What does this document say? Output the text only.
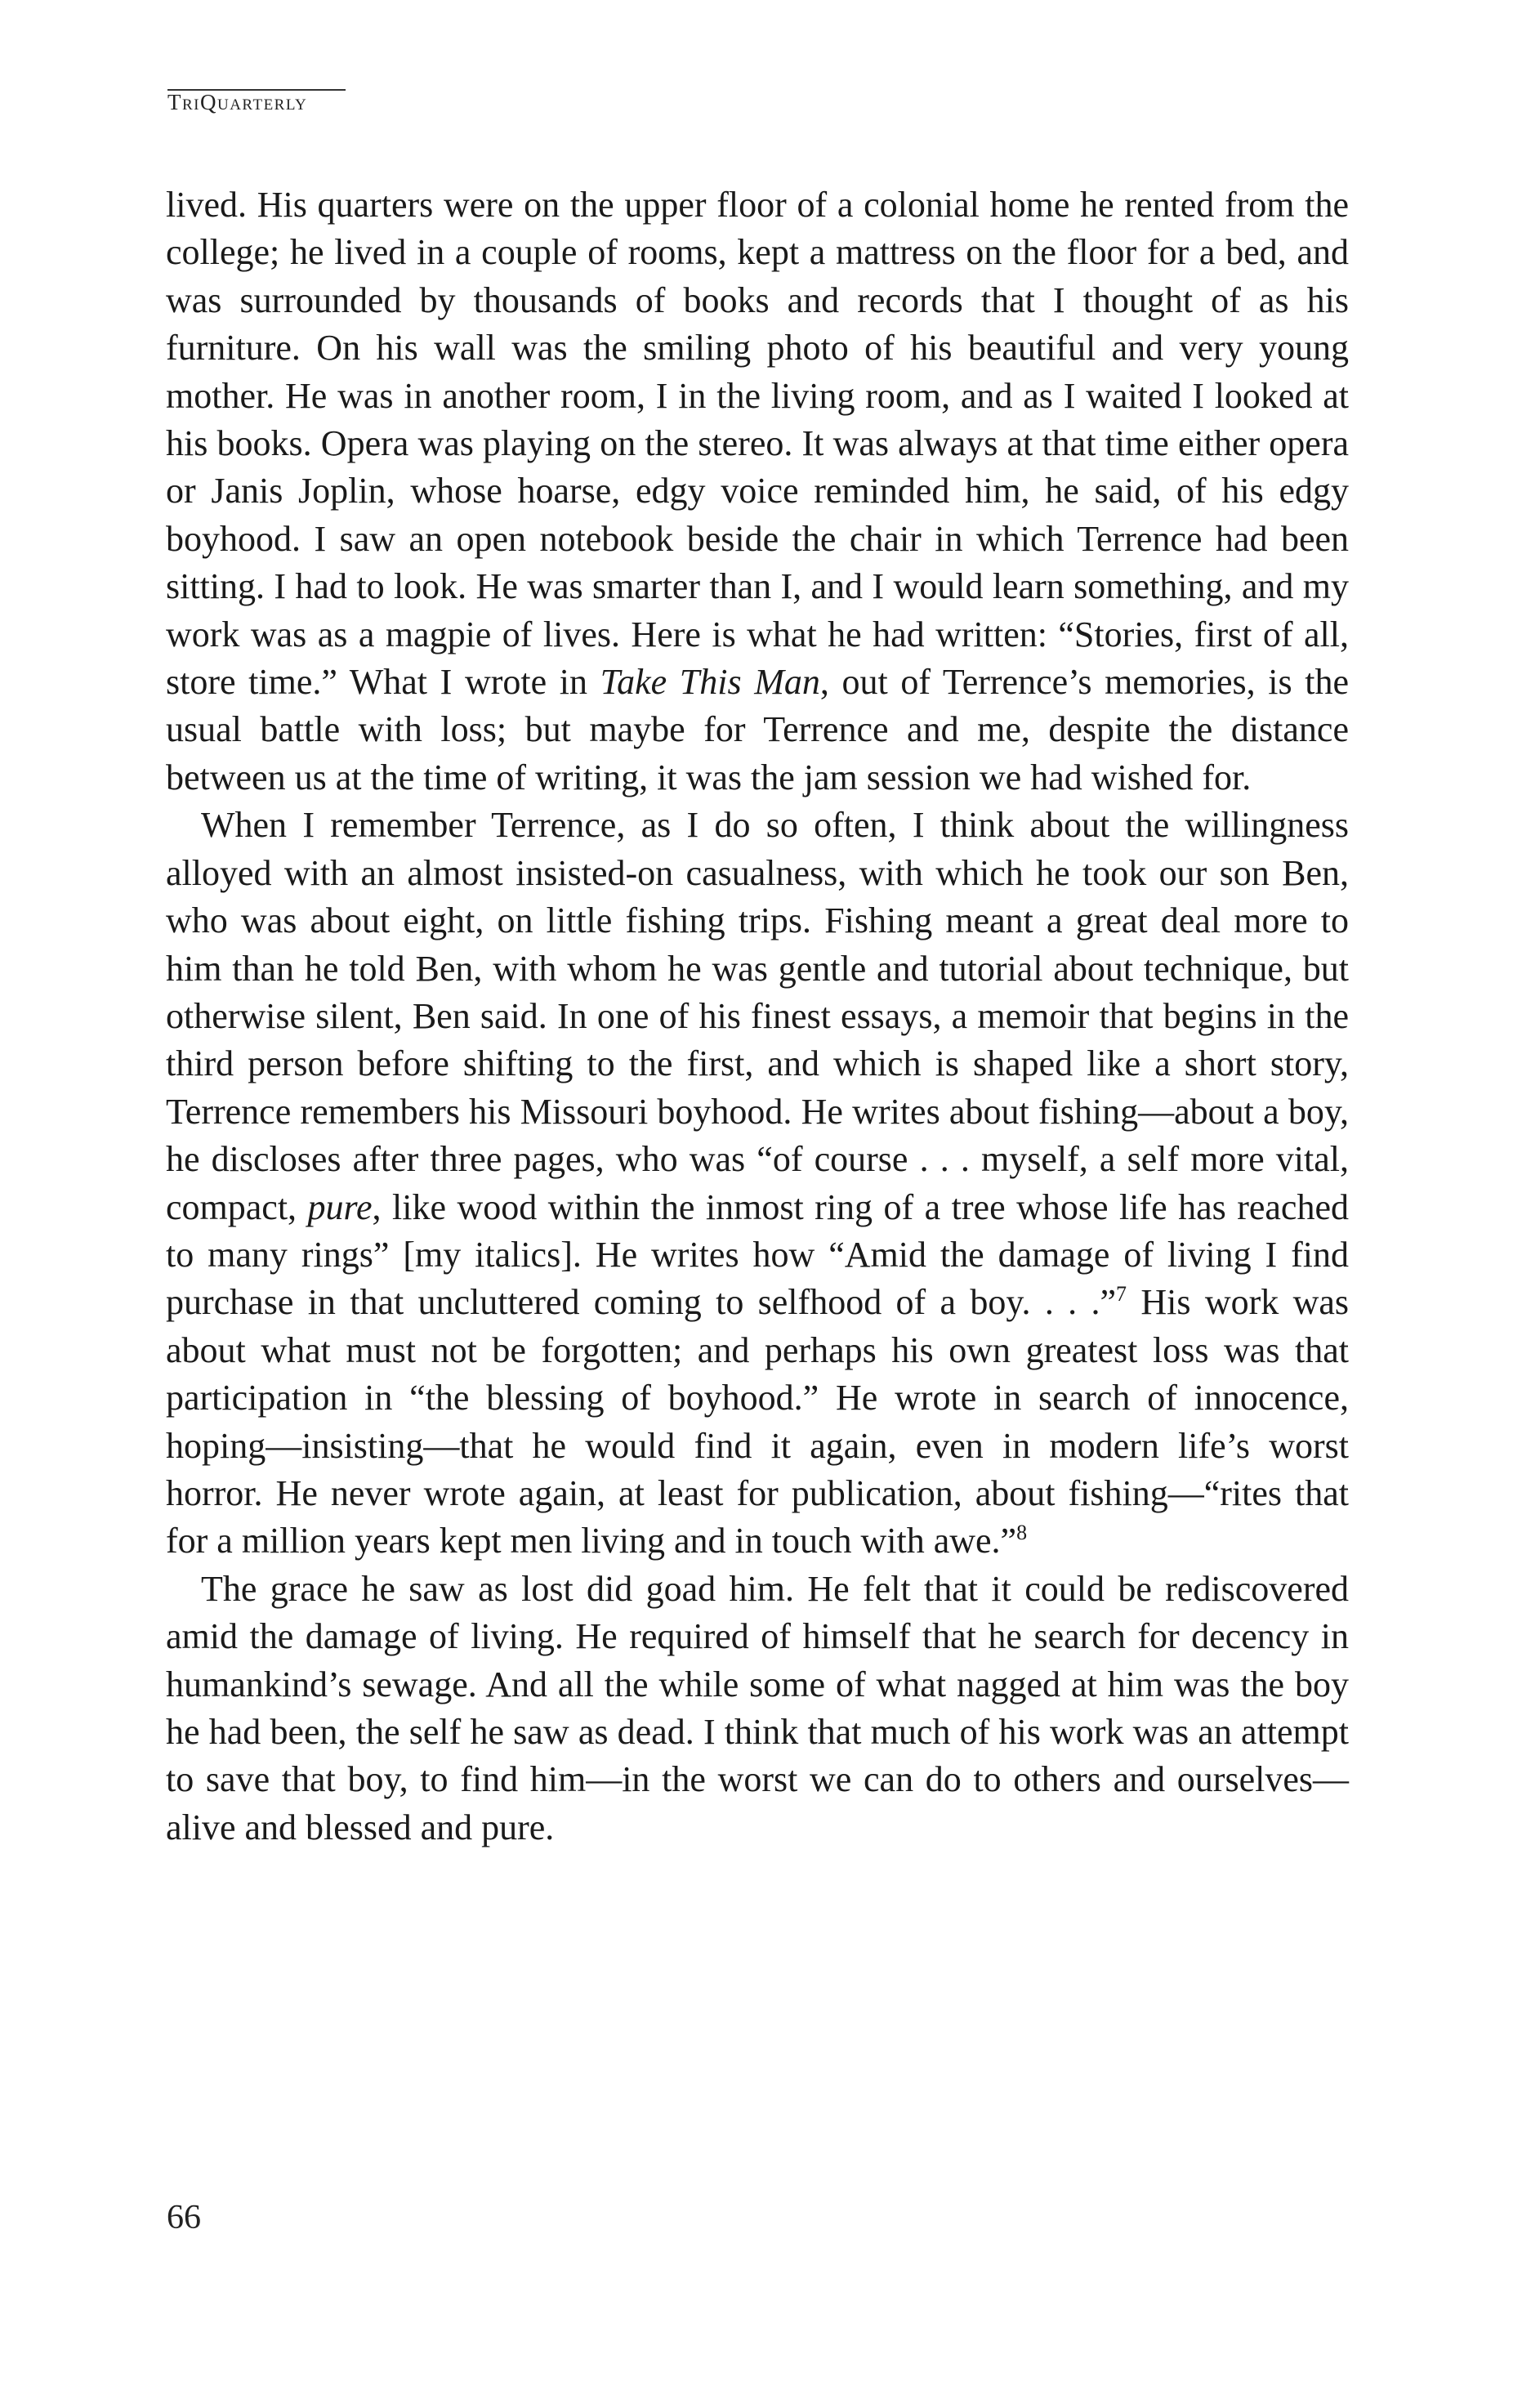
TriQuarterly

lived. His quarters were on the upper floor of a colonial home he rented from the college; he lived in a couple of rooms, kept a mattress on the floor for a bed, and was surrounded by thousands of books and records that I thought of as his furniture. On his wall was the smiling photo of his beautiful and very young mother. He was in another room, I in the living room, and as I waited I looked at his books. Opera was playing on the stereo. It was always at that time either opera or Janis Joplin, whose hoarse, edgy voice reminded him, he said, of his edgy boyhood. I saw an open notebook beside the chair in which Terrence had been sitting. I had to look. He was smarter than I, and I would learn something, and my work was as a magpie of lives. Here is what he had written: “Stories, first of all, store time.” What I wrote in Take This Man, out of Terrence’s memories, is the usual battle with loss; but maybe for Terrence and me, despite the distance between us at the time of writing, it was the jam session we had wished for.

When I remember Terrence, as I do so often, I think about the willingness alloyed with an almost insisted-on casualness, with which he took our son Ben, who was about eight, on little fishing trips. Fishing meant a great deal more to him than he told Ben, with whom he was gentle and tutorial about technique, but otherwise silent, Ben said. In one of his finest essays, a memoir that begins in the third person before shifting to the first, and which is shaped like a short story, Terrence remembers his Missouri boyhood. He writes about fishing—about a boy, he discloses after three pages, who was “of course . . . myself, a self more vital, compact, pure, like wood within the inmost ring of a tree whose life has reached to many rings” [my italics]. He writes how “Amid the damage of living I find purchase in that uncluttered coming to selfhood of a boy. . . .”$^7$ His work was about what must not be forgotten; and perhaps his own greatest loss was that participation in “the blessing of boyhood.” He wrote in search of innocence, hoping—insisting—that he would find it again, even in modern life’s worst horror. He never wrote again, at least for publication, about fishing—“rites that for a million years kept men living and in touch with awe.”$^8$

The grace he saw as lost did goad him. He felt that it could be rediscovered amid the damage of living. He required of himself that he search for decency in humankind’s sewage. And all the while some of what nagged at him was the boy he had been, the self he saw as dead. I think that much of his work was an attempt to save that boy, to find him—in the worst we can do to others and ourselves—alive and blessed and pure.

66
